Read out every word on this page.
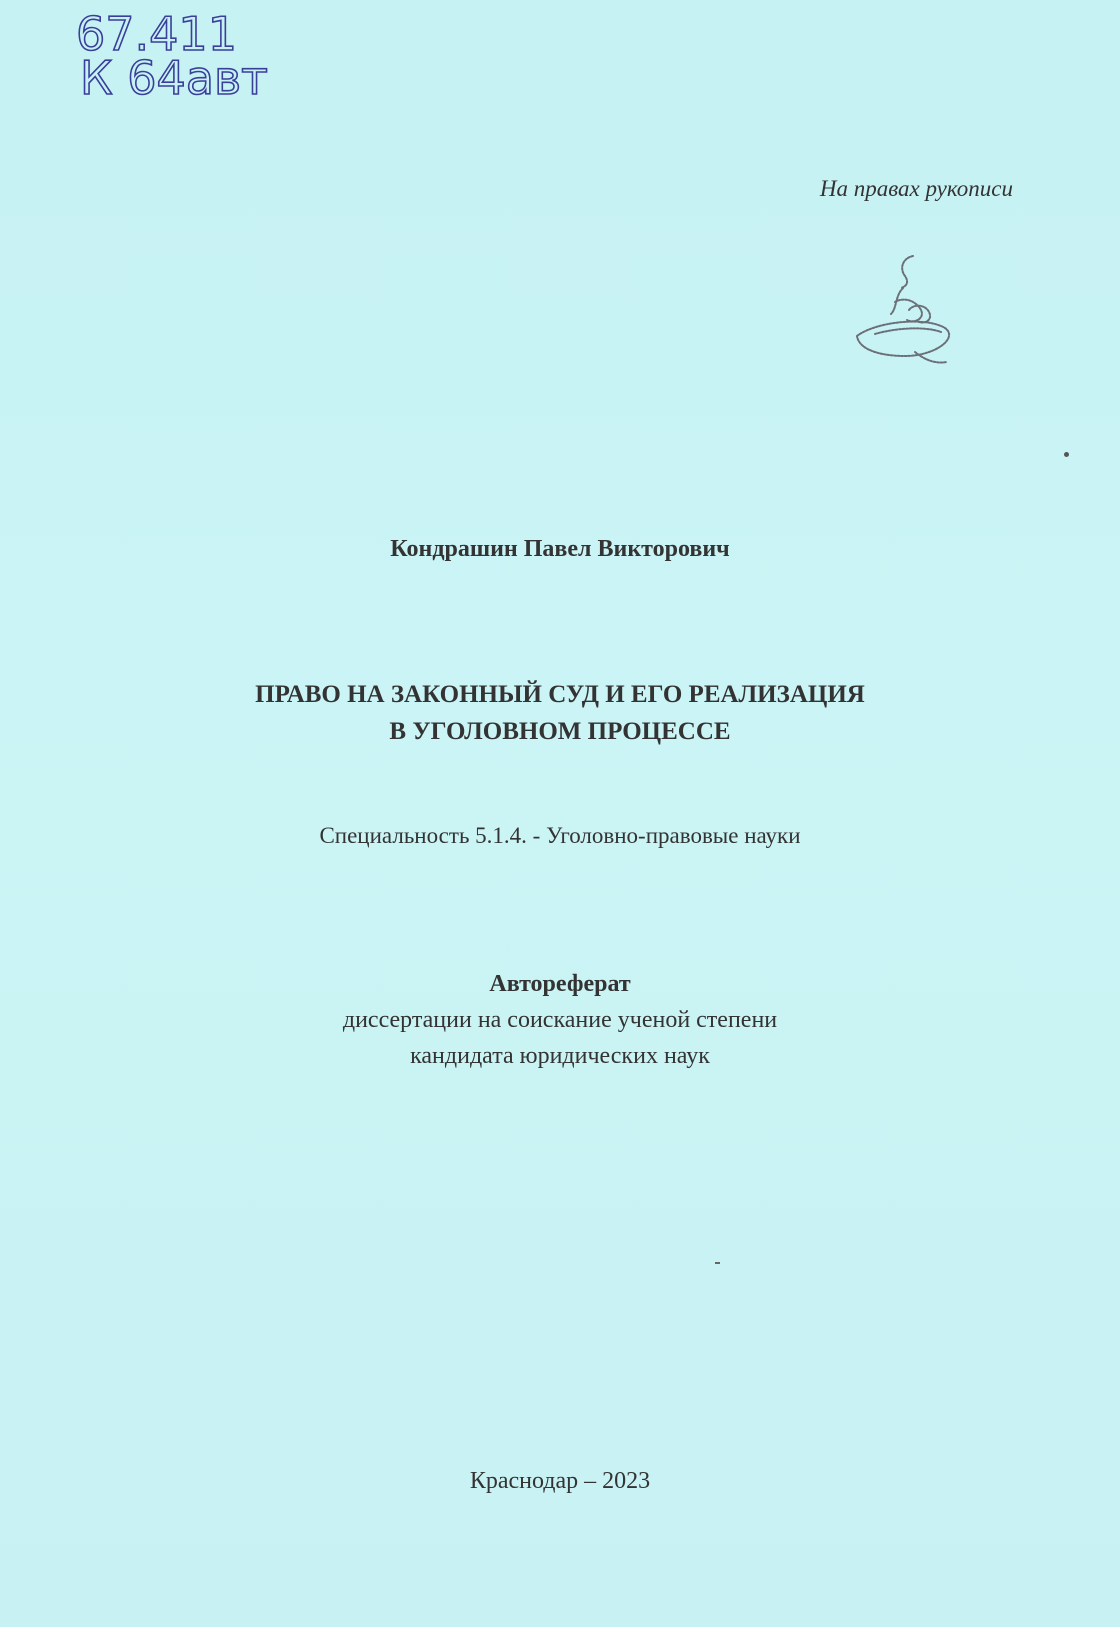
67.411
К 64авт
На правах рукописи
Кондрашин Павел Викторович
ПРАВО НА ЗАКОННЫЙ СУД И ЕГО РЕАЛИЗАЦИЯ
В УГОЛОВНОМ ПРОЦЕССЕ
Специальность 5.1.4. - Уголовно-правовые науки
Автореферат
диссертации на соискание ученой степени
кандидата юридических наук
Краснодар – 2023
